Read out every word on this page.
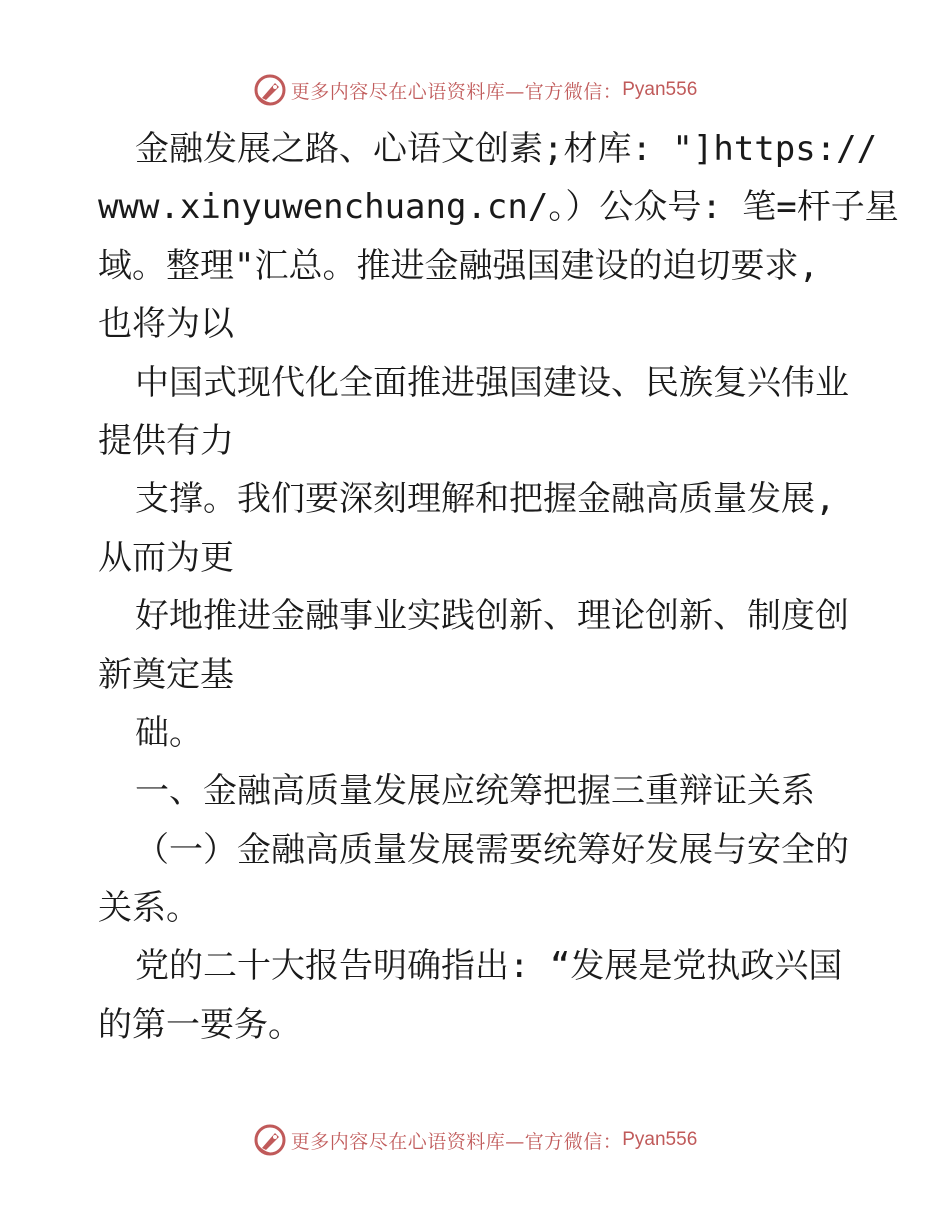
更多内容尽在心语资料库—官方微信： Pyan556
金融发展之路、心语文创素;材库: "]https://
www.xinyuwenchuang.cn/。）公众号: 笔=杆子星
域。整理"汇总。推进金融强国建设的迫切要求,
也将为以
中国式现代化全面推进强国建设、民族复兴伟业
提供有力
支撑。我们要深刻理解和把握金融高质量发展,
从而为更
好地推进金融事业实践创新、理论创新、制度创
新奠定基
础。
一、金融高质量发展应统筹把握三重辩证关系
（一）金融高质量发展需要统筹好发展与安全的
关系。
党的二十大报告明确指出: “发展是党执政兴国
的第一要务。
更多内容尽在心语资料库—官方微信： Pyan556
